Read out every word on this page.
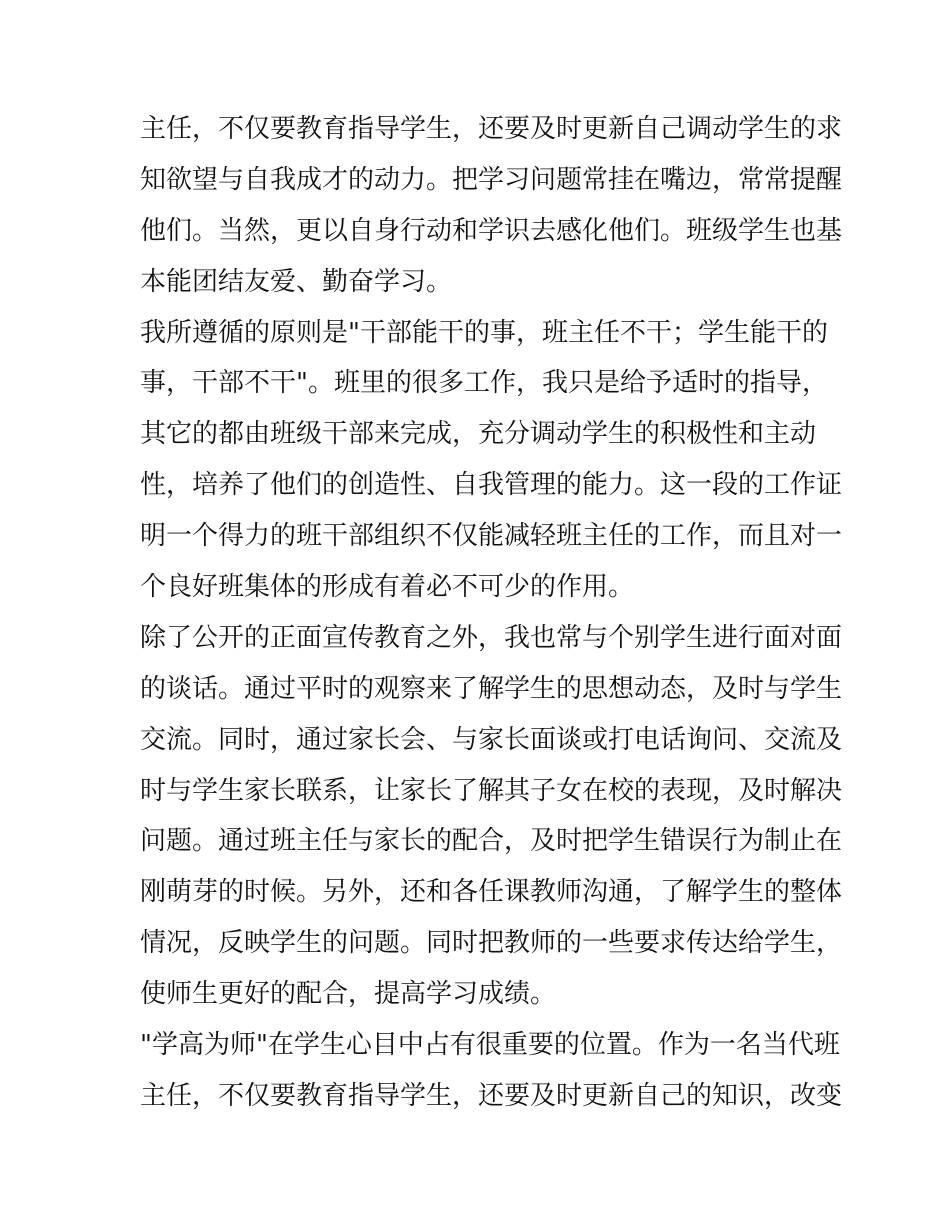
主任，不仅要教育指导学生，还要及时更新自己调动学生的求
知欲望与自我成才的动力。把学习问题常挂在嘴边，常常提醒
他们。当然，更以自身行动和学识去感化他们。班级学生也基
本能团结友爱、勤奋学习。
我所遵循的原则是"干部能干的事，班主任不干；学生能干的
事，干部不干"。班里的很多工作，我只是给予适时的指导，
其它的都由班级干部来完成，充分调动学生的积极性和主动
性，培养了他们的创造性、自我管理的能力。这一段的工作证
明一个得力的班干部组织不仅能减轻班主任的工作，而且对一
个良好班集体的形成有着必不可少的作用。
除了公开的正面宣传教育之外，我也常与个别学生进行面对面
的谈话。通过平时的观察来了解学生的思想动态，及时与学生
交流。同时，通过家长会、与家长面谈或打电话询问、交流及
时与学生家长联系，让家长了解其子女在校的表现，及时解决
问题。通过班主任与家长的配合，及时把学生错误行为制止在
刚萌芽的时候。另外，还和各任课教师沟通，了解学生的整体
情况，反映学生的问题。同时把教师的一些要求传达给学生，
使师生更好的配合，提高学习成绩。
"学高为师"在学生心目中占有很重要的位置。作为一名当代班
主任，不仅要教育指导学生，还要及时更新自己的知识，改变
